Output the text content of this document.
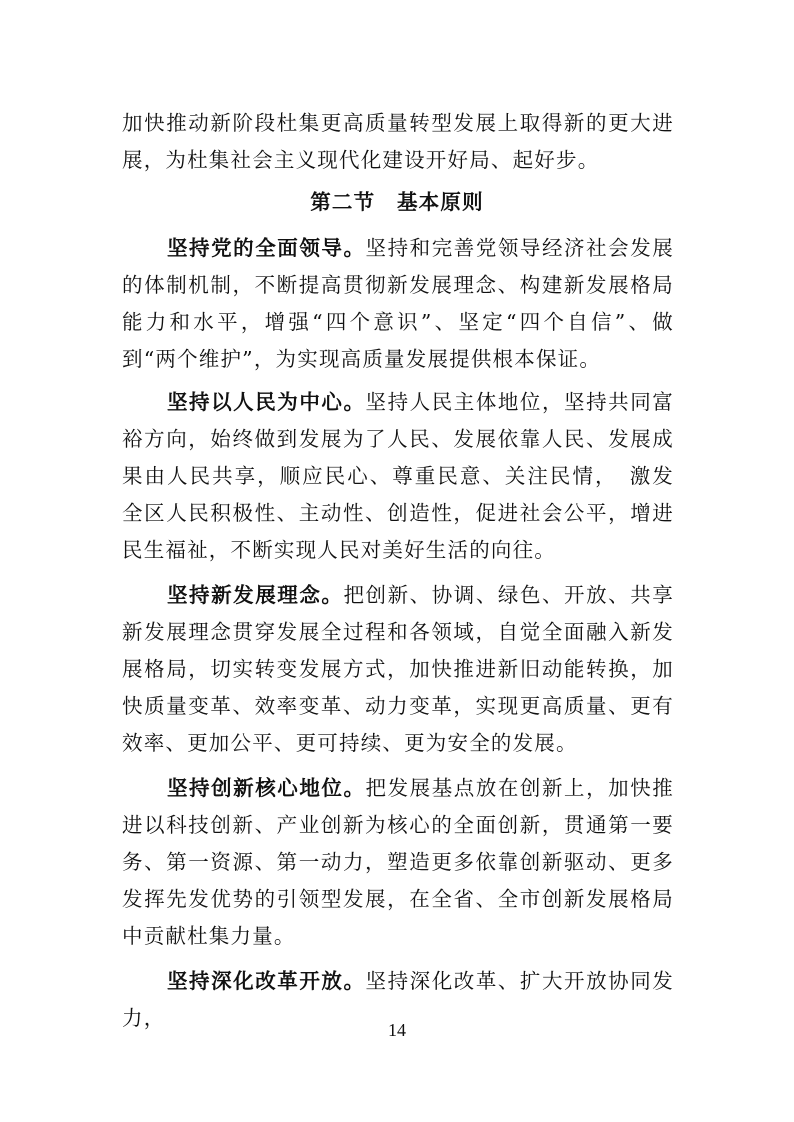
加快推动新阶段杜集更高质量转型发展上取得新的更大进展，为杜集社会主义现代化建设开好局、起好步。

第二节　基本原则

坚持党的全面领导。坚持和完善党领导经济社会发展的体制机制，不断提高贯彻新发展理念、构建新发展格局能力和水平，增强“四个意识”、坚定“四个自信”、做到“两个维护”，为实现高质量发展提供根本保证。

坚持以人民为中心。坚持人民主体地位，坚持共同富裕方向，始终做到发展为了人民、发展依靠人民、发展成果由人民共享，顺应民心、尊重民意、关注民情，　激发全区人民积极性、主动性、创造性，促进社会公平，增进民生福祉，不断实现人民对美好生活的向往。

坚持新发展理念。把创新、协调、绿色、开放、共享新发展理念贯穿发展全过程和各领域，自觉全面融入新发展格局，切实转变发展方式，加快推进新旧动能转换，加快质量变革、效率变革、动力变革，实现更高质量、更有效率、更加公平、更可持续、更为安全的发展。

坚持创新核心地位。把发展基点放在创新上，加快推进以科技创新、产业创新为核心的全面创新，贯通第一要务、第一资源、第一动力，塑造更多依靠创新驱动、更多发挥先发优势的引领型发展，在全省、全市创新发展格局中贡献杜集力量。

坚持深化改革开放。坚持深化改革、扩大开放协同发力，	14
